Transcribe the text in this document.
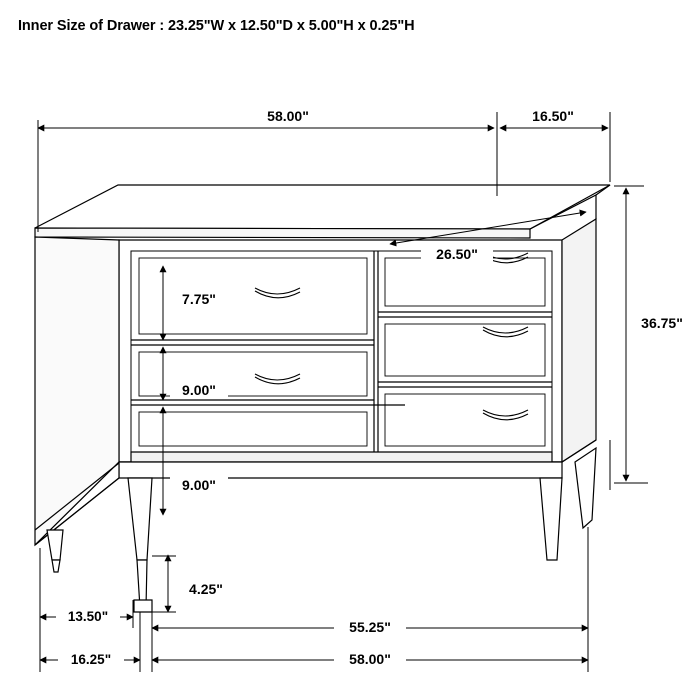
Inner Size of Drawer : 23.25"W x 12.50"D x 5.00"H x 0.25"H
58.00"	16.50"
36.75"
26.50"
7.75"
9.00"
9.00"
4.25"
13.50"
55.25"
16.25"	58.00"
